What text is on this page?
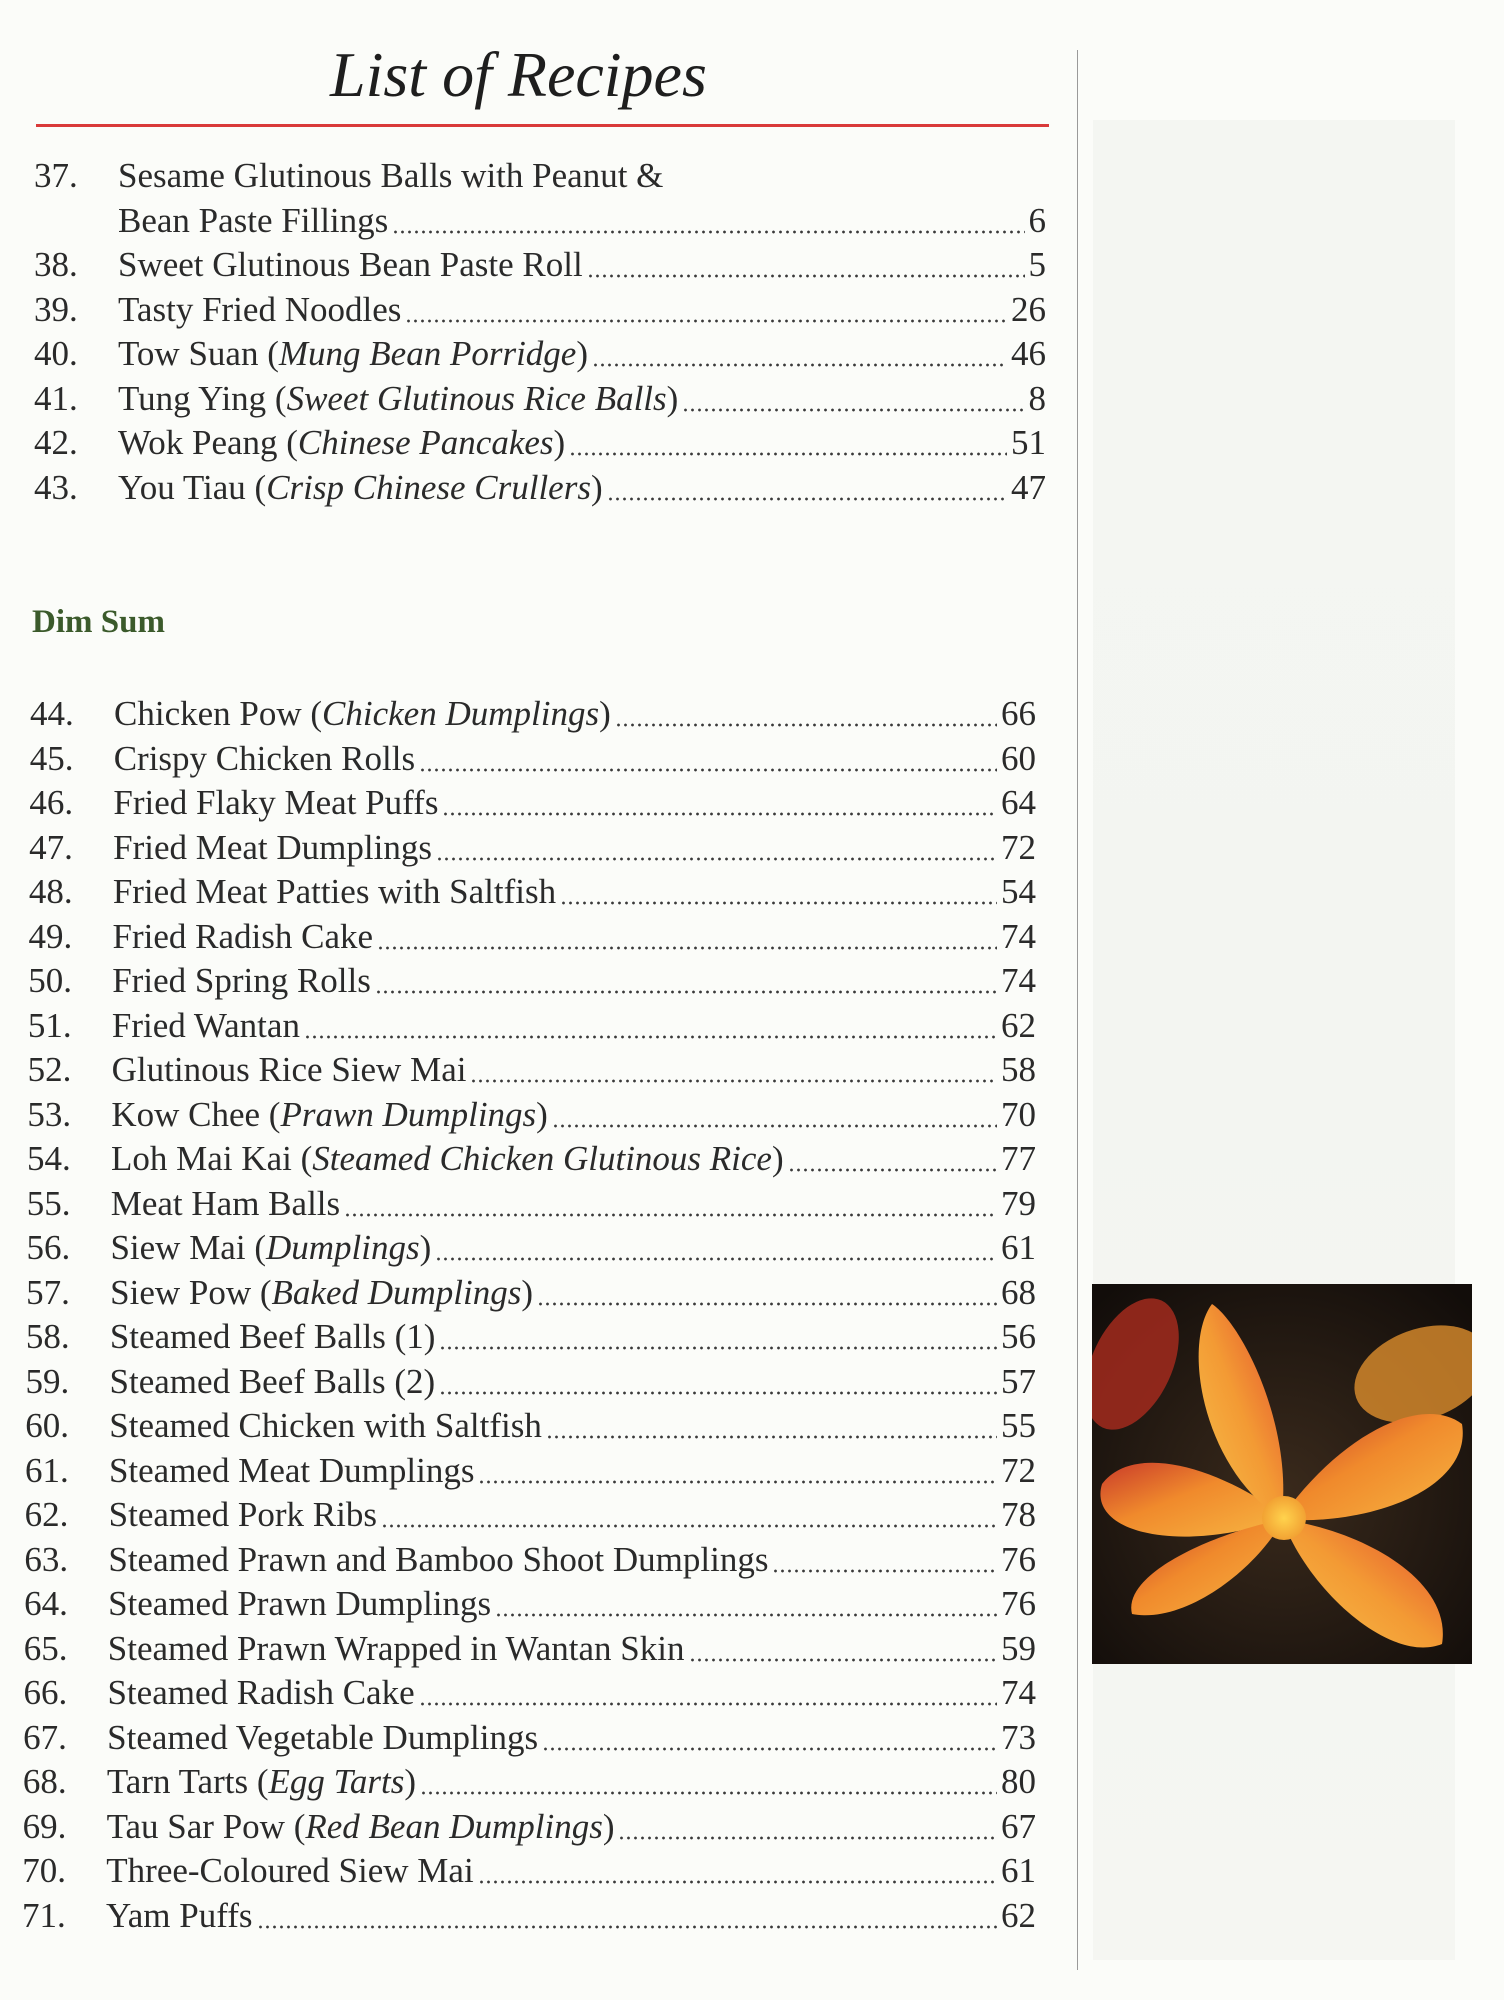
List of Recipes
37.	Sesame Glutinous Balls with Peanut &
Bean Paste Fillings	6
38.	Sweet Glutinous Bean Paste Roll	5
39.	Tasty Fried Noodles	26
40.	Tow Suan (Mung Bean Porridge)	46
41.	Tung Ying (Sweet Glutinous Rice Balls)	8
42.	Wok Peang (Chinese Pancakes)	51
43.	You Tiau (Crisp Chinese Crullers)	47
Dim Sum
44.	Chicken Pow (Chicken Dumplings)	66
45.	Crispy Chicken Rolls	60
46.	Fried Flaky Meat Puffs	64
47.	Fried Meat Dumplings	72
48.	Fried Meat Patties with Saltfish	54
49.	Fried Radish Cake	74
50.	Fried Spring Rolls	74
51.	Fried Wantan	62
52.	Glutinous Rice Siew Mai	58
53.	Kow Chee (Prawn Dumplings)	70
54.	Loh Mai Kai (Steamed Chicken Glutinous Rice)	77
55.	Meat Ham Balls	79
56.	Siew Mai (Dumplings)	61
57.	Siew Pow (Baked Dumplings)	68
58.	Steamed Beef Balls (1)	56
59.	Steamed Beef Balls (2)	57
60.	Steamed Chicken with Saltfish	55
61.	Steamed Meat Dumplings	72
62.	Steamed Pork Ribs	78
63.	Steamed Prawn and Bamboo Shoot Dumplings	76
64.	Steamed Prawn Dumplings	76
65.	Steamed Prawn Wrapped in Wantan Skin	59
66.	Steamed Radish Cake	74
67.	Steamed Vegetable Dumplings	73
68.	Tarn Tarts (Egg Tarts)	80
69.	Tau Sar Pow (Red Bean Dumplings)	67
70.	Three-Coloured Siew Mai	61
71.	Yam Puffs	62
